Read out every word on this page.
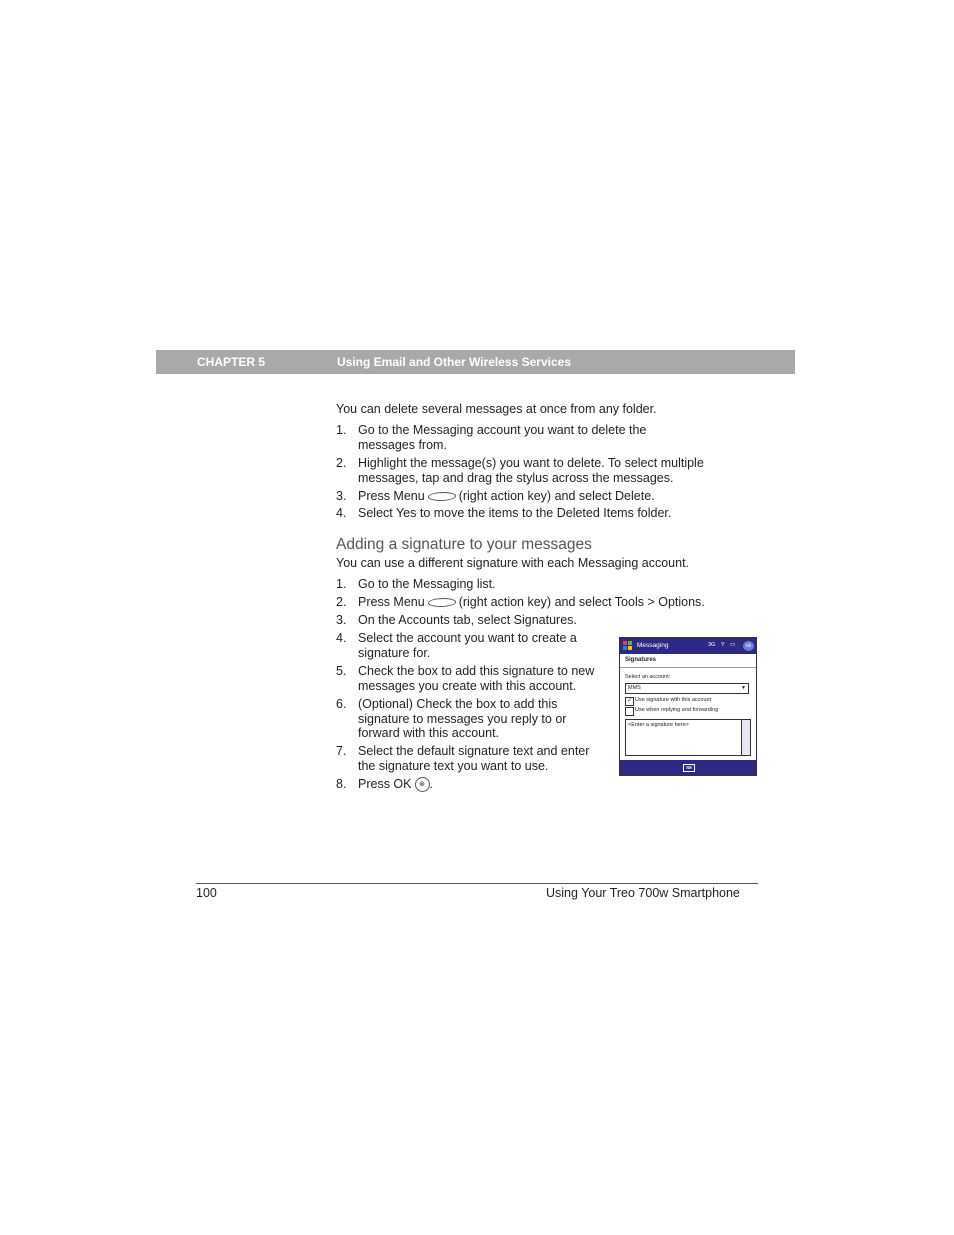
CHAPTER 5	Using Email and Other Wireless Services
You can delete several messages at once from any folder.
1. Go to the Messaging account you want to delete the
messages from.
2. Highlight the message(s) you want to delete. To select multiple
messages, tap and drag the stylus across the messages.
3. Press Menu	(right action key) and select Delete.
4. Select Yes to move the items to the Deleted Items folder.
Adding a signature to your messages
You can use a different signature with each Messaging account.
1. Go to the Messaging list.
2. Press Menu	(right action key) and select Tools > Options.
3. On the Accounts tab, select Signatures.
4. Select the account you want to create a
signature for.
5. Check the box to add this signature to new
messages you create with this account.
6. (Optional) Check the box to add this
signature to messages you reply to or
forward with this account.
7. Select the default signature text and enter
the signature text you want to use.
8. Press OK ⊛ .
Messaging	3G Y ▭	ok
Signatures
Select an account:
MMS	▼
✓ Use signature with this account
Use when replying and forwarding
<Enter a signature here>
⌨
100	Using Your Treo 700w Smartphone
